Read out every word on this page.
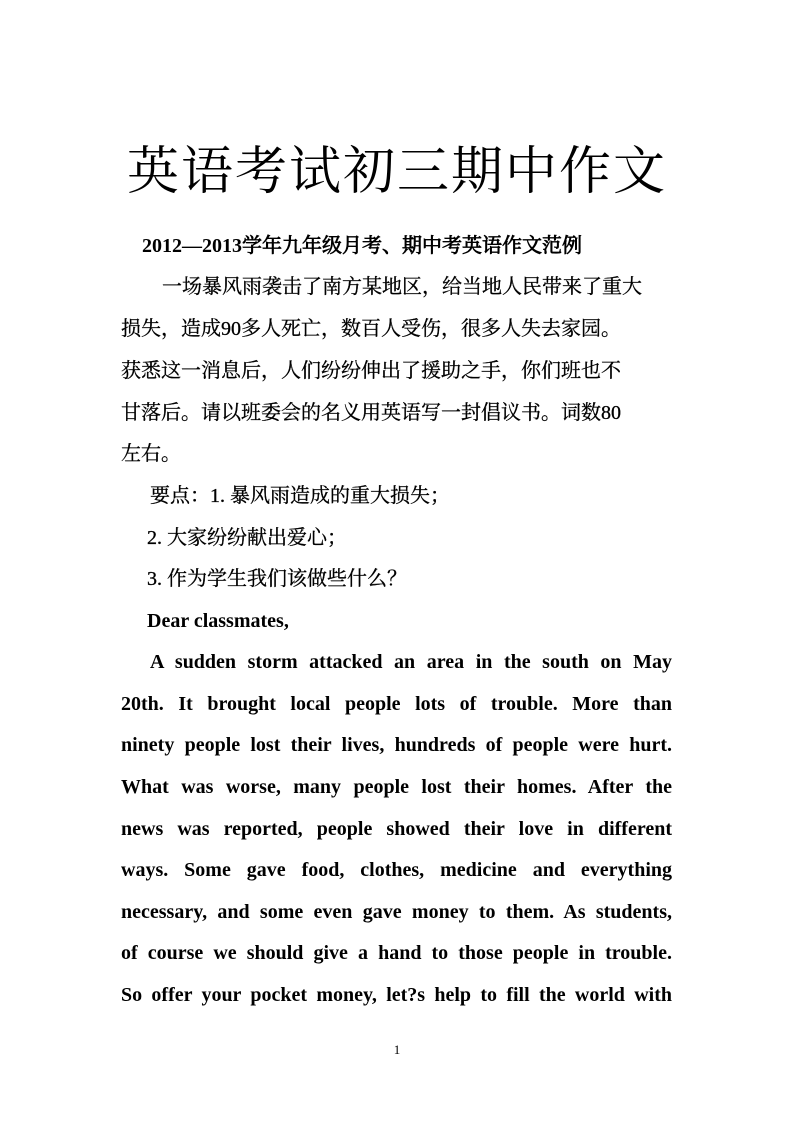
英语考试初三期中作文
2012—2013学年九年级月考、期中考英语作文范例
一场暴风雨袭击了南方某地区，给当地人民带来了重大
损失，造成90多人死亡，数百人受伤，很多人失去家园。
获悉这一消息后，人们纷纷伸出了援助之手，你们班也不
甘落后。请以班委会的名义用英语写一封倡议书。词数80
左右。
要点：1. 暴风雨造成的重大损失；
2. 大家纷纷献出爱心；
3. 作为学生我们该做些什么？
Dear classmates,
A sudden storm attacked an area in the south on May
20th. It brought local people lots of trouble. More than
ninety people lost their lives, hundreds of people were hurt.
What was worse, many people lost their homes. After the
news was reported, people showed their love in different
ways. Some gave food, clothes, medicine and everything
necessary, and some even gave money to them. As students,
of course we should give a hand to those people in trouble.
So offer your pocket money, let?s help to fill the world with
1
